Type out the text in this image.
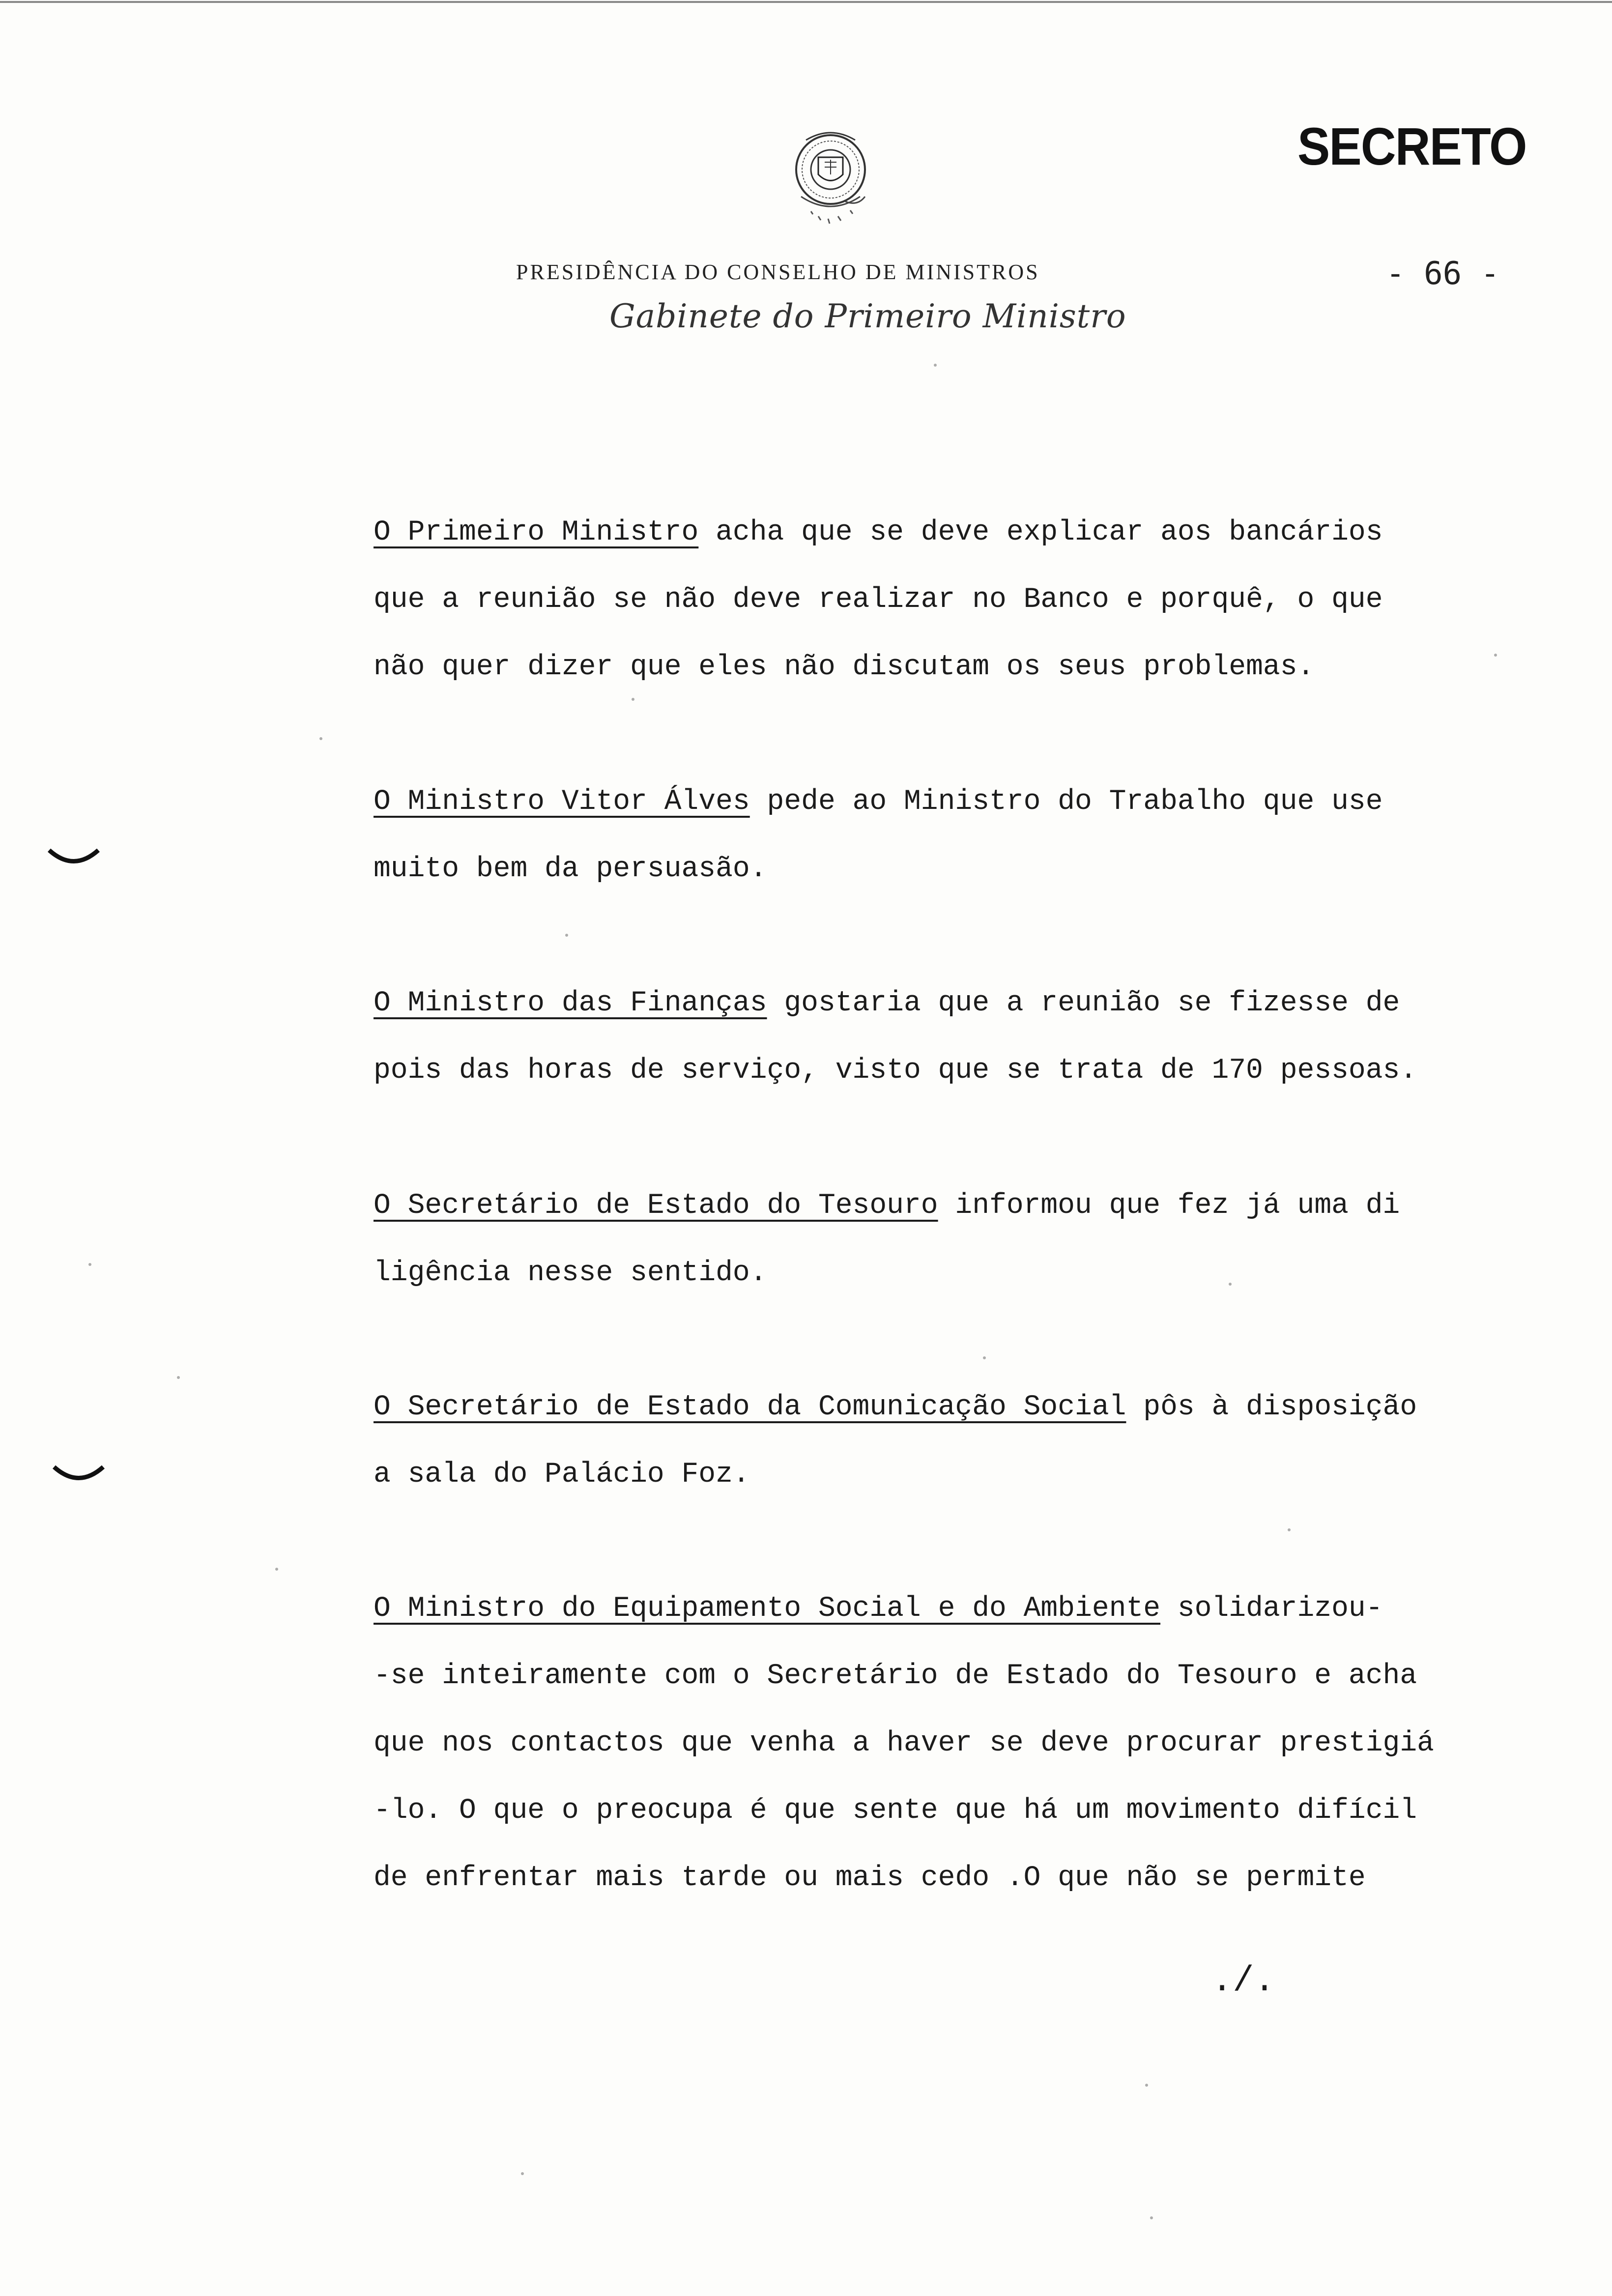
SECRETO
- 66 -
PRESIDÊNCIA DO CONSELHO DE MINISTROS
Gabinete do Primeiro Ministro
O Primeiro Ministro acha que se deve explicar aos bancários
que a reunião se não deve realizar no Banco e porquê, o que
não quer dizer que eles não discutam os seus problemas.
O Ministro Vitor Álves pede ao Ministro do Trabalho que use
muito bem da persuasão.
O Ministro das Finanças gostaria que a reunião se fizesse de
pois das horas de serviço, visto que se trata de 170 pessoas.
O Secretário de Estado do Tesouro informou que fez já uma di
ligência nesse sentido.
O Secretário de Estado da Comunicação Social pôs à disposição
a sala do Palácio Foz.
O Ministro do Equipamento Social e do Ambiente solidarizou-
-se inteiramente com o Secretário de Estado do Tesouro e acha
que nos contactos que venha a haver se deve procurar prestigiá
-lo. O que o preocupa é que sente que há um movimento difícil
de enfrentar mais tarde ou mais cedo .O que não se permite
./.
